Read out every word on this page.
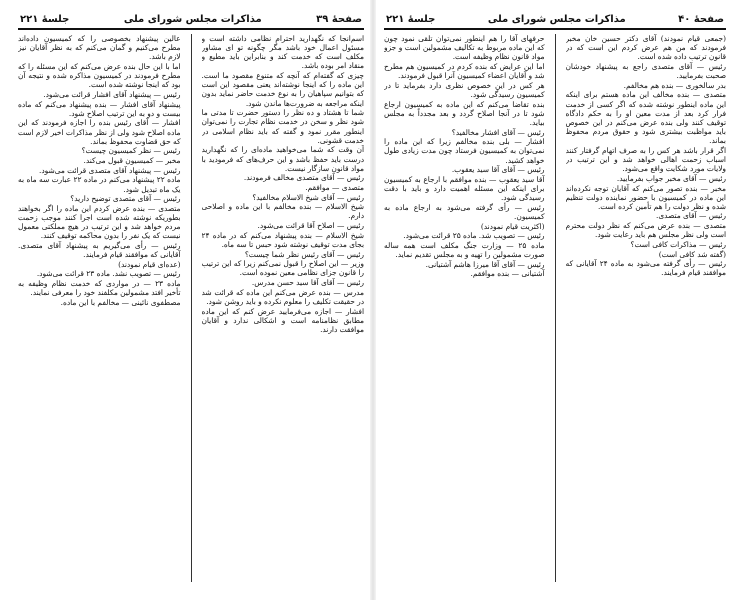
صفحهٔ ۳۹
مذاکرات مجلس شورای ملی
جلسهٔ ۲۲۱

اسم‌انجا که نگهدارید احترام نظامی داشته است و مسئول اعمال خود باشد مگر چگونه تو ای مشاور مکلف است که خدمت کند و بنابراین باید مطیع و منقاد امر بوده باشد.

چیزی که گفته‌ام که آنچه که متنوع مقصود ما است. این ماده را که اینجا نوشته‌اند یعنی مقصود این است که بتوانیم سپاهیان را به نوع خدمت حاضر نماید بدون اینکه مراجعه به ضرورت‌ها ماندن شود.

شما تا هشتاد و ده نظر را دستور حضرت تا مدتی ما شود نظر و سخن در خدمت نظام تجارت را نمی‌توان اینطور مقرر نمود و گفته که باید نظام اسلامی در خدمت قشونی.

آن وقت که شما می‌خواهید ماده‌ای را که نگهدارید درست باید حفظ باشد و این حرف‌های که فرمودید با مواد قانون سازگار نیست.

رئیس — آقای متصدی مخالف فرمودند.

متصدی — موافقم.

رئیس — آقای شیخ الاسلام مخالفید؟

شیخ الاسلام — بنده مخالفم با این ماده و اصلاحی دارم.

رئیس — اصلاح آقا قرائت می‌شود.

شیخ الاسلام — بنده پیشنهاد می‌کنم که در ماده ۲۴ بجای مدت توقیف نوشته شود حبس تا سه ماه.

رئیس — آقای رئیس نظر شما چیست؟

وزیر — این اصلاح را قبول نمی‌کنم زیرا که این ترتیب را قانون جزای نظامی معین نموده است.

رئیس — آقای آقا سید حسن مدرس.

مدرس — بنده عرض می‌کنم این ماده که قرائت شد در حقیقت تکلیف را معلوم نکرده و باید روشن شود.

افشار — اجازه می‌فرمایید عرض کنم که این ماده مطابق نظامنامه است و اشکالی ندارد و آقایان موافقت دارند.

عالین پیشنهاد بخصوصی را که کمیسیون داده‌اند مطرح می‌کنیم و گمان می‌کنم که به نظر آقایان نیز لازم باشد.

اما با این حال بنده عرض می‌کنم که این مسئله را که مطرح فرمودند در کمیسیون مذاکره شده و نتیجه آن بود که اینجا نوشته شده است.

رئیس — پیشنهاد آقای افشار قرائت می‌شود.

پیشنهاد آقای افشار — بنده پیشنهاد می‌کنم که ماده بیست و دو به این ترتیب اصلاح شود.

افشار — آقای رئیس بنده را اجازه فرمودند که این ماده اصلاح شود ولی از نظر مذاکرات اخیر لازم است که حق قضاوت محفوظ بماند.

رئیس — نظر کمیسیون چیست؟

مخبر — کمیسیون قبول می‌کند.

رئیس — پیشنهاد آقای متصدی قرائت می‌شود.

ماده ۲۲ پیشنهاد می‌کنم در ماده ۲۲ عبارت سه ماه به یک ماه تبدیل شود.

رئیس — آقای متصدی توضیح دارید؟

متصدی — بنده عرض کردم این ماده را اگر بخواهند بطوریکه نوشته شده است اجرا کنند موجب زحمت مردم خواهد شد و این ترتیب در هیچ مملکتی معمول نیست که یک نفر را بدون محاکمه توقیف کنند.

رئیس — رأی می‌گیریم به پیشنهاد آقای متصدی. آقایانی که موافقند قیام فرمایند.

(عده‌ای قیام نمودند)

رئیس — تصویب نشد. ماده ۲۳ قرائت می‌شود.

ماده ۲۳ — در مواردی که خدمت نظام وظیفه به تأخیر افتد مشمولین مکلفند خود را معرفی نمایند.

مصطفوی نائینی — مخالفم با این ماده.

صفحهٔ ۴۰
مذاکرات مجلس شورای ملی
جلسهٔ ۲۲۱

(جمعی قیام نمودند) آقای دکتر حسین خان مخبر فرمودند که من هم عرض کردم این است که در قانون ترتیب داده شده است.

رئیس — آقای متصدی راجع به پیشنهاد خودشان صحبت بفرمایید.

بدر سالخوری — بنده هم مخالفم.

متصدی — بنده مخالف این ماده هستم برای اینکه این ماده اینطور نوشته شده که اگر کسی از خدمت فرار کرد بعد از مدت معین او را به حکم دادگاه توقیف کنند ولی بنده عرض می‌کنم در این خصوص باید مواظبت بیشتری شود و حقوق مردم محفوظ بماند.

اگر قرار باشد هر کس را به صرف اتهام گرفتار کنند اسباب زحمت اهالی خواهد شد و این ترتیب در ولایات مورد شکایت واقع می‌شود.

رئیس — آقای مخبر جواب بفرمایید.

مخبر — بنده تصور می‌کنم که آقایان توجه نکرده‌اند این ماده در کمیسیون با حضور نماینده دولت تنظیم شده و نظر دولت را هم تأمین کرده است.

رئیس — آقای متصدی.

متصدی — بنده عرض می‌کنم که نظر دولت محترم است ولی نظر مجلس هم باید رعایت شود.

رئیس — مذاکرات کافی است؟

(گفته شد کافی است)

رئیس — رأی گرفته می‌شود به ماده ۲۴ آقایانی که موافقند قیام فرمایند.

حرفهای آقا را هم اینطور نمی‌توان تلقی نمود چون که این ماده مربوط به تکالیف مشمولین است و جزو مواد قانون نظام وظیفه است.

اما این عرایض که بنده کردم در کمیسیون هم مطرح شد و آقایان اعضاء کمیسیون آنرا قبول فرمودند.

هر کس در این خصوص نظری دارد بفرماید تا در کمیسیون رسیدگی شود.

بنده تقاضا می‌کنم که این ماده به کمیسیون ارجاع شود تا در آنجا اصلاح گردد و بعد مجدداً به مجلس بیاید.

رئیس — آقای افشار مخالفید؟

افشار — بلی بنده مخالفم زیرا که این ماده را نمی‌توان به کمیسیون فرستاد چون مدت زیادی طول خواهد کشید.

رئیس — آقای آقا سید یعقوب.

آقا سید یعقوب — بنده موافقم با ارجاع به کمیسیون برای اینکه این مسئله اهمیت دارد و باید با دقت رسیدگی شود.

رئیس — رأی گرفته می‌شود به ارجاع ماده به کمیسیون.

(اکثریت قیام نمودند)

رئیس — تصویب شد. ماده ۲۵ قرائت می‌شود.

ماده ۲۵ — وزارت جنگ مکلف است همه ساله صورت مشمولین را تهیه و به مجلس تقدیم نماید.

رئیس — آقای آقا میرزا هاشم آشتیانی.

آشتیانی — بنده موافقم.
